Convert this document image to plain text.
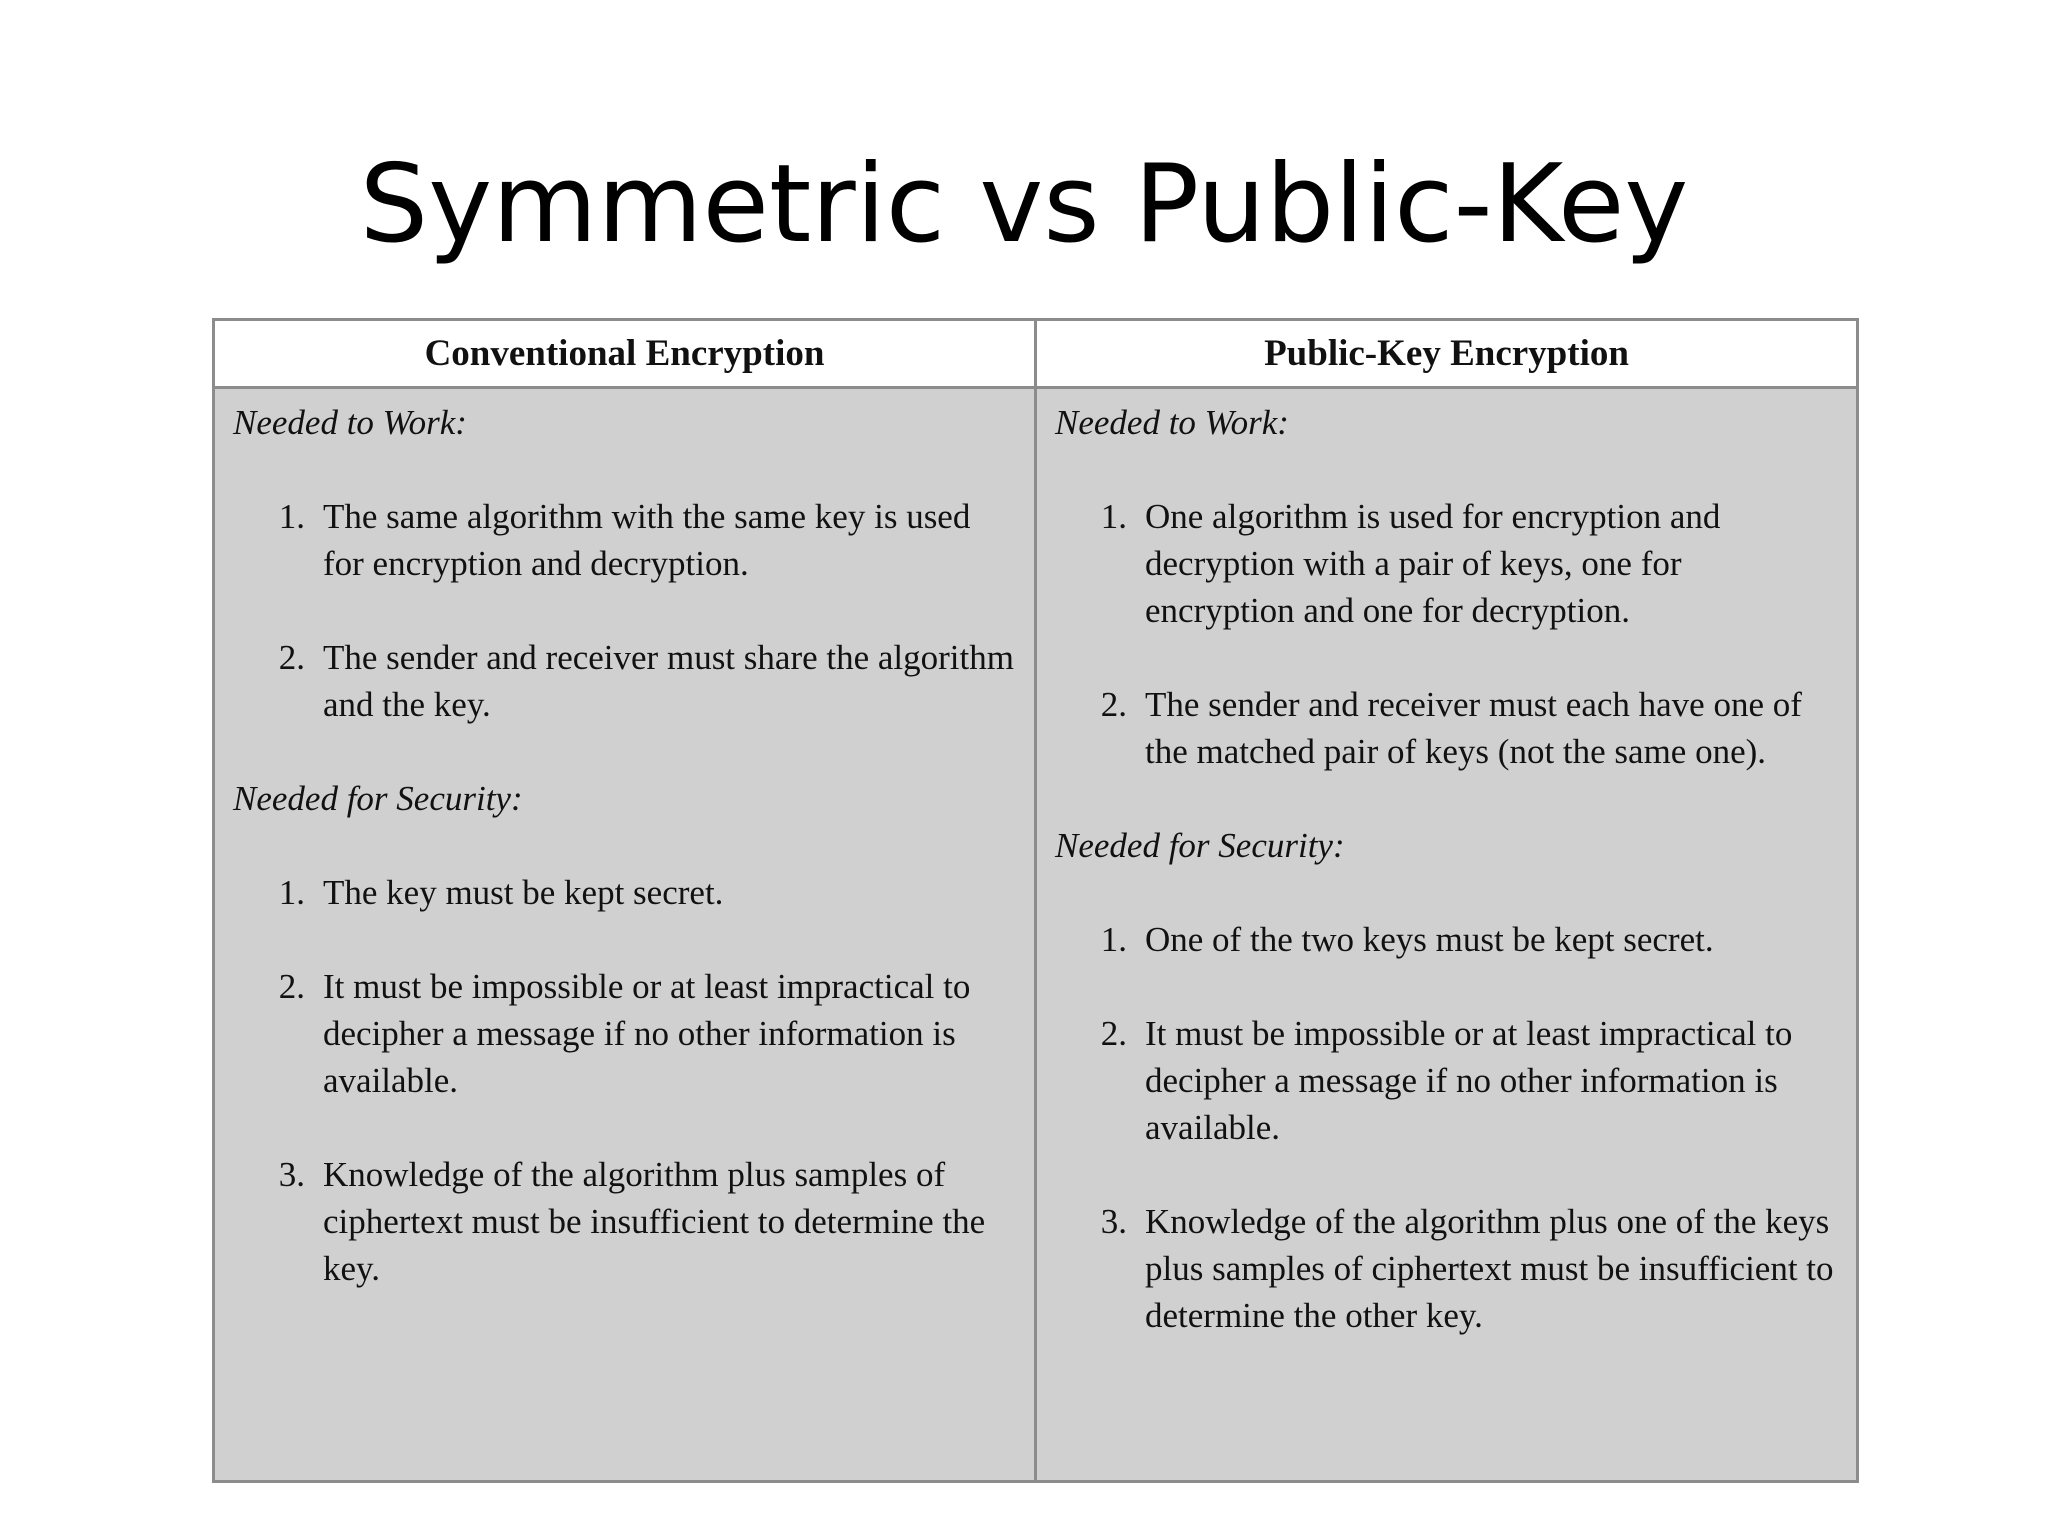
Symmetric vs Public-Key
Conventional Encryption	Public-Key Encryption
Needed to Work:
1. The same algorithm with the same key is used for encryption and decryption.
2. The sender and receiver must share the algorithm and the key.
Needed for Security:
1. The key must be kept secret.
2. It must be impossible or at least impractical to decipher a message if no other information is available.
3. Knowledge of the algorithm plus samples of ciphertext must be insufficient to determine the key.
Needed to Work:
1. One algorithm is used for encryption and decryption with a pair of keys, one for encryption and one for decryption.
2. The sender and receiver must each have one of the matched pair of keys (not the same one).
Needed for Security:
1. One of the two keys must be kept secret.
2. It must be impossible or at least impractical to decipher a message if no other information is available.
3. Knowledge of the algorithm plus one of the keys plus samples of ciphertext must be insufficient to determine the other key.
